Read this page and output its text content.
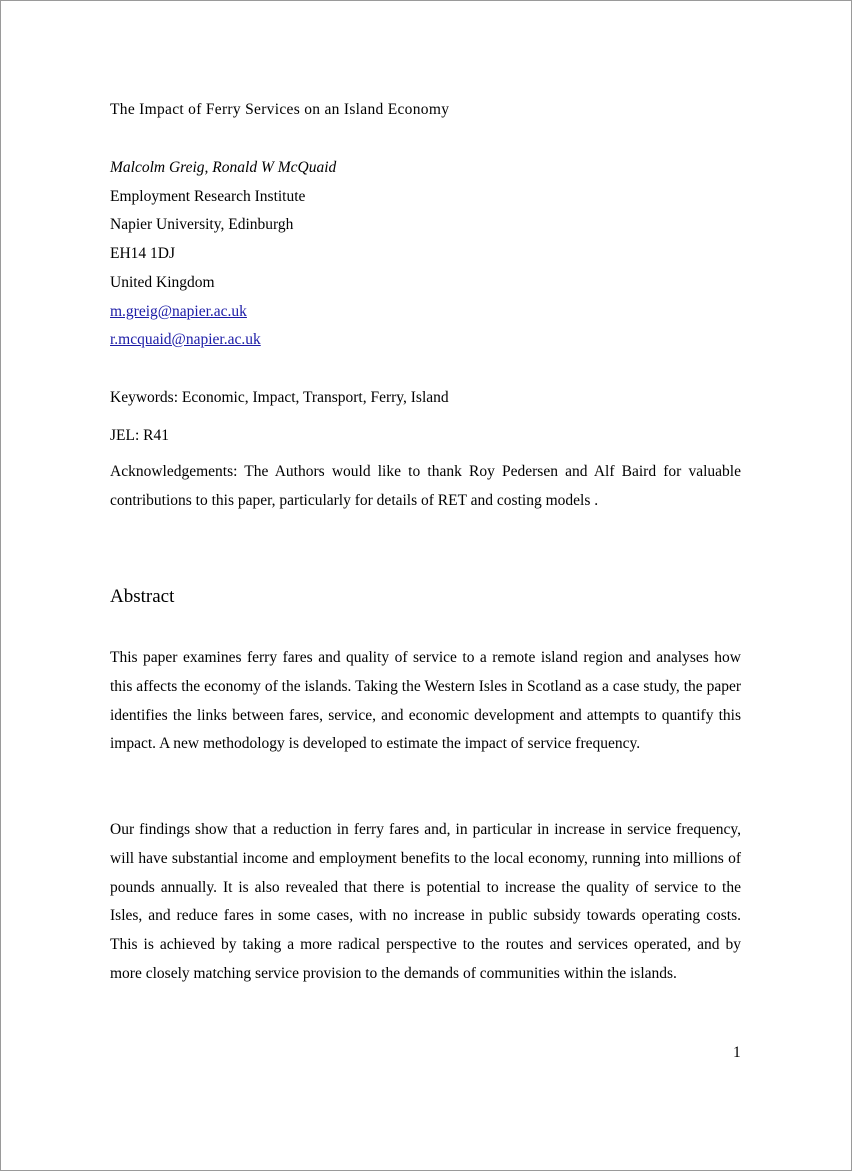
The Impact of Ferry Services on an Island Economy
Malcolm Greig, Ronald W McQuaid
Employment Research Institute
Napier University, Edinburgh
EH14 1DJ
United Kingdom
m.greig@napier.ac.uk
r.mcquaid@napier.ac.uk
Keywords: Economic, Impact, Transport, Ferry, Island
JEL: R41

Acknowledgements: The Authors would like to thank Roy Pedersen and Alf Baird for valuable contributions to this paper, particularly for details of RET and costing models .

Abstract

This paper examines ferry fares and quality of service to a remote island region and analyses how this affects the economy of the islands. Taking the Western Isles in Scotland as a case study, the paper identifies the links between fares, service, and economic development and attempts to quantify this impact. A new methodology is developed to estimate the impact of service frequency.

Our findings show that a reduction in ferry fares and, in particular in increase in service frequency, will have substantial income and employment benefits to the local economy, running into millions of pounds annually. It is also revealed that there is potential to increase the quality of service to the Isles, and reduce fares in some cases, with no increase in public subsidy towards operating costs. This is achieved by taking a more radical perspective to the routes and services operated, and by more closely matching service provision to the demands of communities within the islands.

1
